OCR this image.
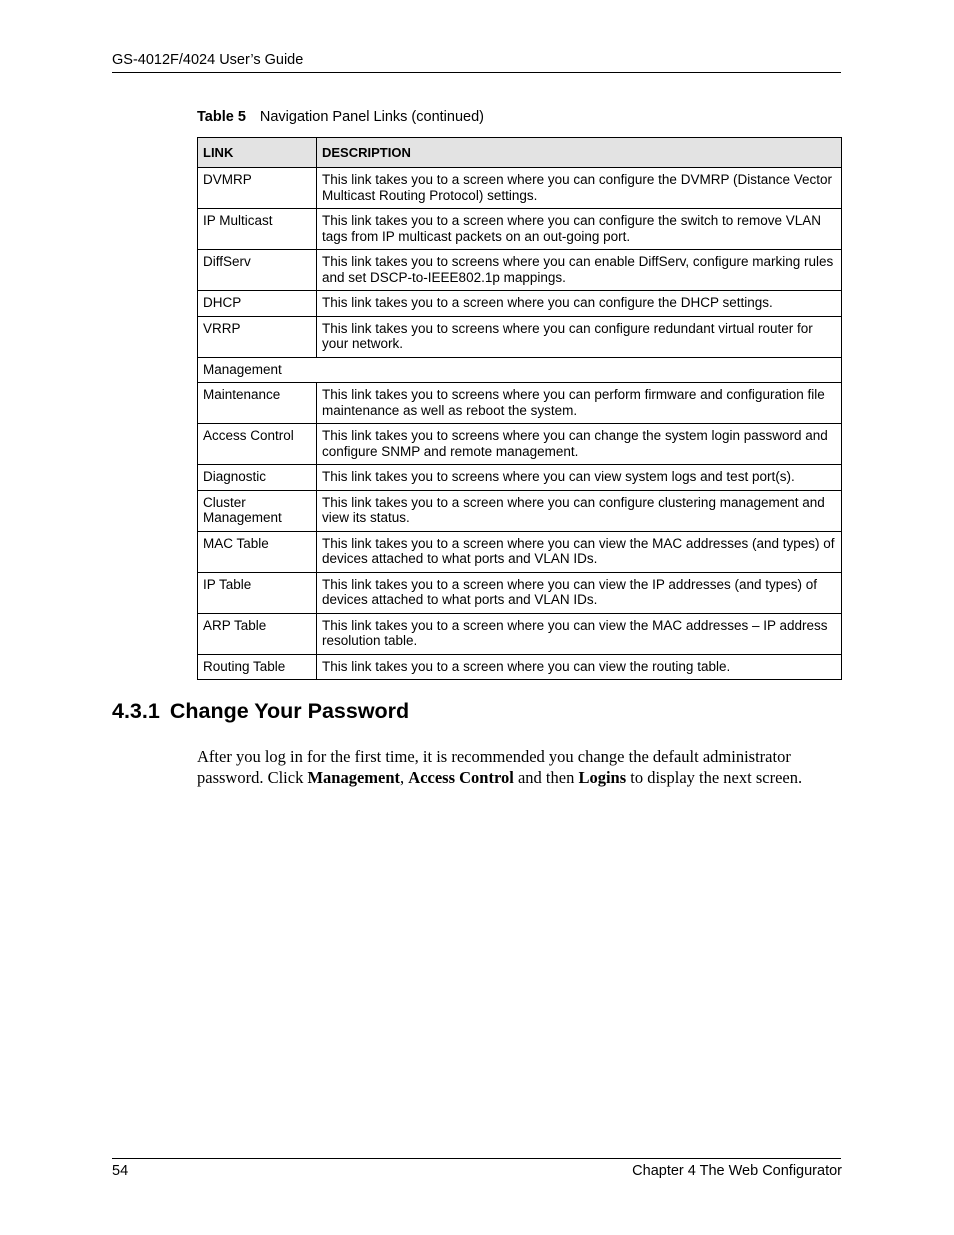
GS-4012F/4024 User’s Guide
Table 5 Navigation Panel Links (continued)
LINK	DESCRIPTION
DVMRP	This link takes you to a screen where you can configure the DVMRP (Distance Vector Multicast Routing Protocol) settings.
IP Multicast	This link takes you to a screen where you can configure the switch to remove VLAN tags from IP multicast packets on an out-going port.
DiffServ	This link takes you to screens where you can enable DiffServ, configure marking rules and set DSCP-to-IEEE802.1p mappings.
DHCP	This link takes you to a screen where you can configure the DHCP settings.
VRRP	This link takes you to screens where you can configure redundant virtual router for your network.
Management	
Maintenance	This link takes you to screens where you can perform firmware and configuration file maintenance as well as reboot the system.
Access Control	This link takes you to screens where you can change the system login password and configure SNMP and remote management.
Diagnostic	This link takes you to screens where you can view system logs and test port(s).
Cluster Management	This link takes you to a screen where you can configure clustering management and view its status.
MAC Table	This link takes you to a screen where you can view the MAC addresses (and types) of devices attached to what ports and VLAN IDs.
IP Table	This link takes you to a screen where you can view the IP addresses (and types) of devices attached to what ports and VLAN IDs.
ARP Table	This link takes you to a screen where you can view the MAC addresses – IP address resolution table.
Routing Table	This link takes you to a screen where you can view the routing table.
4.3.1 Change Your Password

After you log in for the first time, it is recommended you change the default administrator password. Click Management, Access Control and then Logins to display the next screen.

54	Chapter 4 The Web Configurator
